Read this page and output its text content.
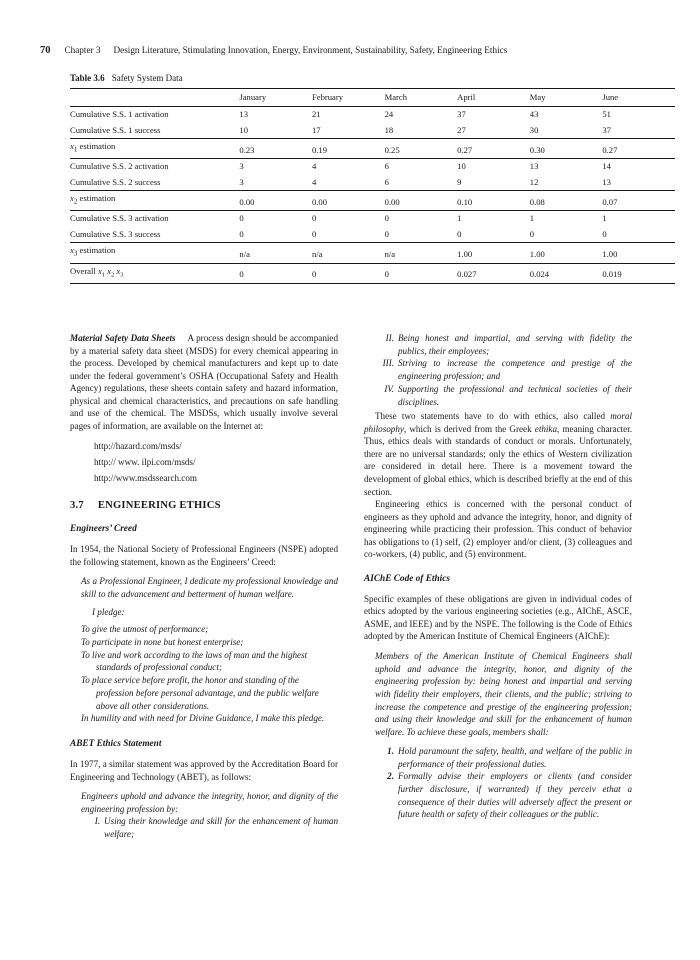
70 Chapter 3 Design Literature, Stimulating Innovation, Energy, Environment, Sustainability, Safety, Engineering Ethics
Table 3.6 Safety System Data
	January	February	March	April	May	June
Cumulative S.S. 1 activation	13	21	24	37	43	51
Cumulative S.S. 1 success	10	17	18	27	30	37
$x_1$ estimation	0.23	0.19	0.25	0.27	0.30	0.27
Cumulative S.S. 2 activation	3	4	6	10	13	14
Cumulative S.S. 2 success	3	4	6	9	12	13
$x_2$ estimation	0.00	0.00	0.00	0.10	0.08	0.07
Cumulative S.S. 3 activation	0	0	0	1	1	1
Cumulative S.S. 3 success	0	0	0	0	0	0
$x_3$ estimation	n/a	n/a	n/a	1.00	1.00	1.00
Overall $x_1$ $x_2$ $x_3$	0	0	0	0.027	0.024	0.019

Material Safety Data Sheets A process design should be accompanied by a material safety data sheet (MSDS) for every chemical appearing in the process. Developed by chemical manufacturers and kept up to date under the federal government’s OSHA (Occupational Safety and Health Agency) regulations, these sheets contain safety and hazard information, physical and chemical characteristics, and precautions on safe handling and use of the chemical. The MSDSs, which usually involve several pages of information, are available on the Internet at:

http://hazard.com/msds/
http:// www. ilpi.com/msds/
http://www.msdssearch.com
3.7 ENGINEERING ETHICS
Engineers’ Creed

In 1954, the National Society of Professional Engineers (NSPE) adopted the following statement, known as the Engineers’ Creed:

As a Professional Engineer, I dedicate my professional knowledge and skill to the advancement and betterment of human welfare.

I pledge:

To give the utmost of performance;

To participate in none but honest enterprise;

To live and work according to the laws of man and the highest standards of professional conduct;

To place service before profit, the honor and standing of the profession before personal advantage, and the public welfare above all other considerations.

In humility and with need for Divine Guidance, I make this pledge.

ABET Ethics Statement

In 1977, a similar statement was approved by the Accreditation Board for Engineering and Technology (ABET), as follows:

Engineers uphold and advance the integrity, honor, and dignity of the engineering profession by:

I. Using their knowledge and skill for the enhancement of human welfare;
II. Being honest and impartial, and serving with fidelity the publics, their employees;
III. Striving to increase the competence and prestige of the engineering profession; and
IV. Supporting the professional and technical societies of their disciplines.

These two statements have to do with ethics, also called moral philosophy, which is derived from the Greek ethika, meaning character. Thus, ethics deals with standards of conduct or morals. Unfortunately, there are no universal standards; only the ethics of Western civilization are considered in detail here. There is a movement toward the development of global ethics, which is described briefly at the end of this section.

Engineering ethics is concerned with the personal conduct of engineers as they uphold and advance the integrity, honor, and dignity of engineering while practicing their profession. This conduct of behavior has obligations to (1) self, (2) employer and/or client, (3) colleagues and co-workers, (4) public, and (5) environment.

AIChE Code of Ethics

Specific examples of these obligations are given in individual codes of ethics adopted by the various engineering societies (e.g., AIChE, ASCE, ASME, and IEEE) and by the NSPE. The following is the Code of Ethics adopted by the American Institute of Chemical Engineers (AIChE):

Members of the American Institute of Chemical Engineers shall uphold and advance the integrity, honor, and dignity of the engineering profession by: being honest and impartial and serving with fidelity their employers, their clients, and the public; striving to increase the competence and prestige of the engineering profession; and using their knowledge and skill for the enhancement of human welfare. To achieve these goals, members shall:

1. Hold paramount the safety, health, and welfare of the public in performance of their professional duties.
2. Formally advise their employers or clients (and consider further disclosure, if warranted) if they perceiv ethat a consequence of their duties will adversely affect the present or future health or safety of their colleagues or the public.
